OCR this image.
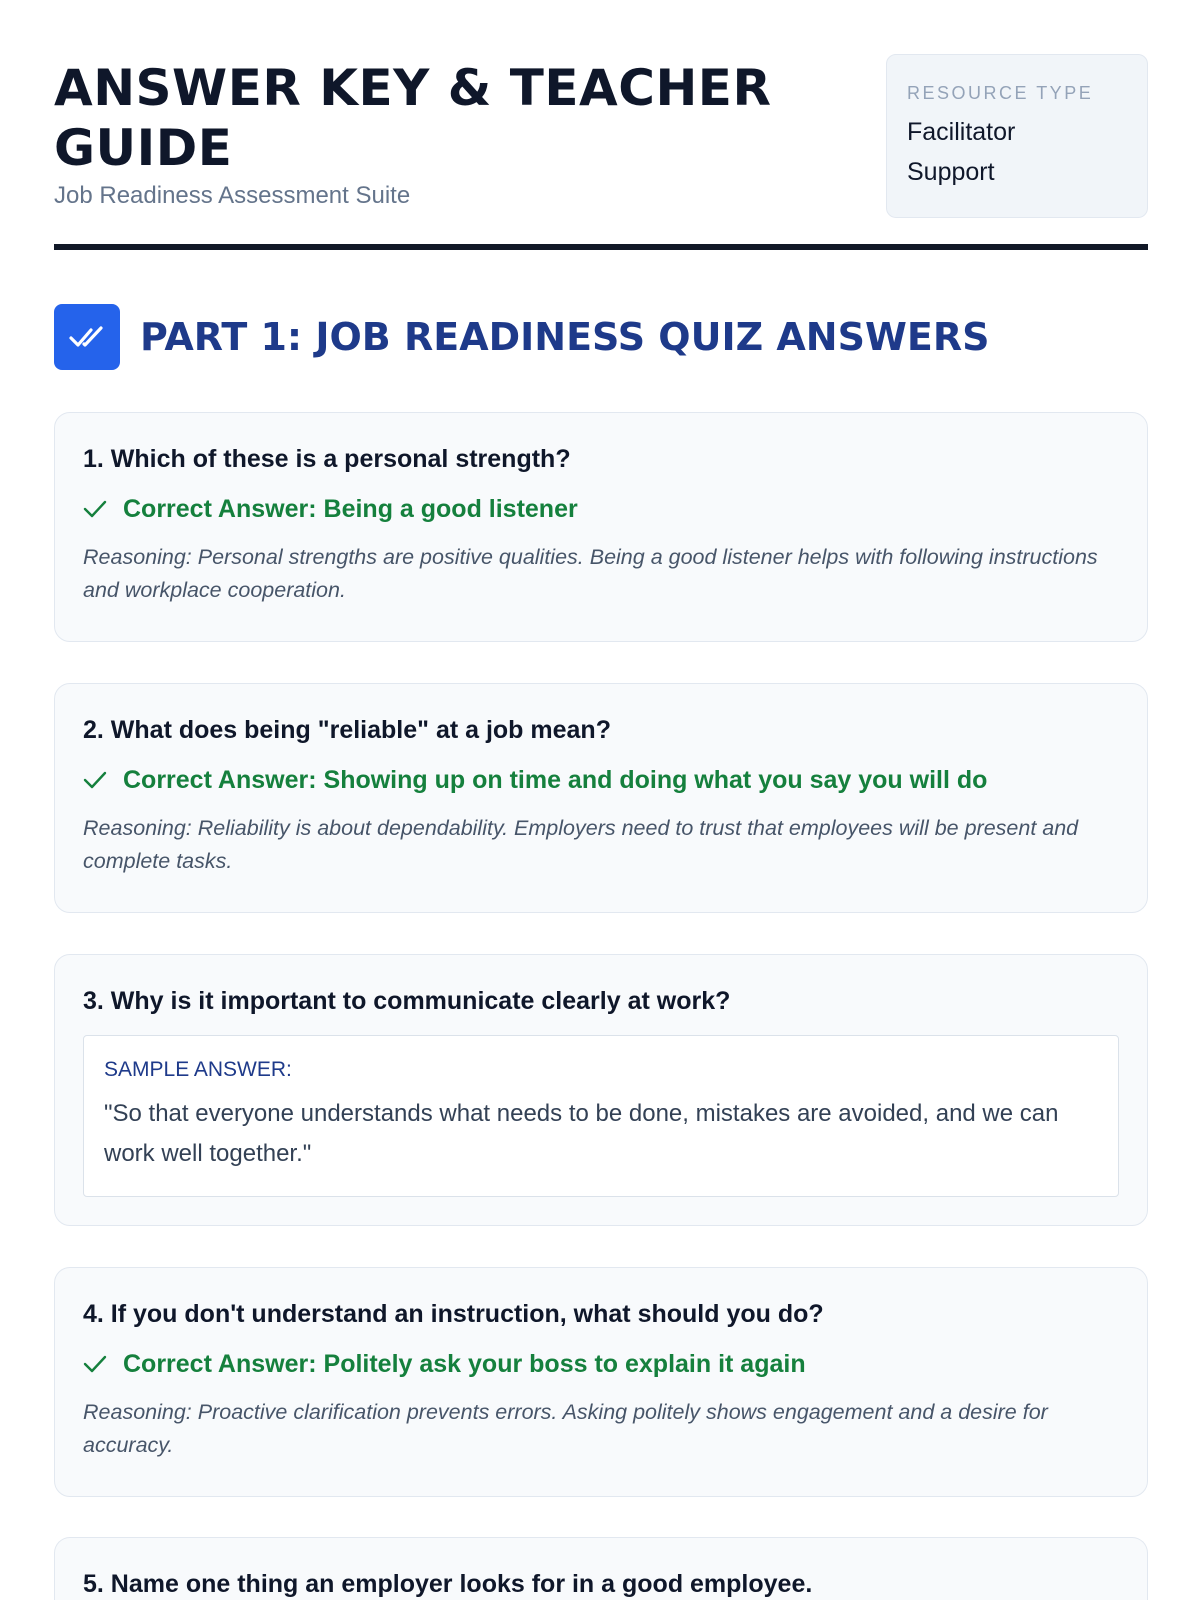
ANSWER KEY & TEACHER GUIDE
Job Readiness Assessment Suite
RESOURCE TYPE
Facilitator Support
PART 1: JOB READINESS QUIZ ANSWERS
1. Which of these is a personal strength?
Correct Answer: Being a good listener
Reasoning: Personal strengths are positive qualities. Being a good listener helps with following instructions and workplace cooperation.
2. What does being "reliable" at a job mean?
Correct Answer: Showing up on time and doing what you say you will do
Reasoning: Reliability is about dependability. Employers need to trust that employees will be present and complete tasks.
3. Why is it important to communicate clearly at work?
SAMPLE ANSWER:
"So that everyone understands what needs to be done, mistakes are avoided, and we can work well together."
4. If you don't understand an instruction, what should you do?
Correct Answer: Politely ask your boss to explain it again
Reasoning: Proactive clarification prevents errors. Asking politely shows engagement and a desire for accuracy.
5. Name one thing an employer looks for in a good employee.
